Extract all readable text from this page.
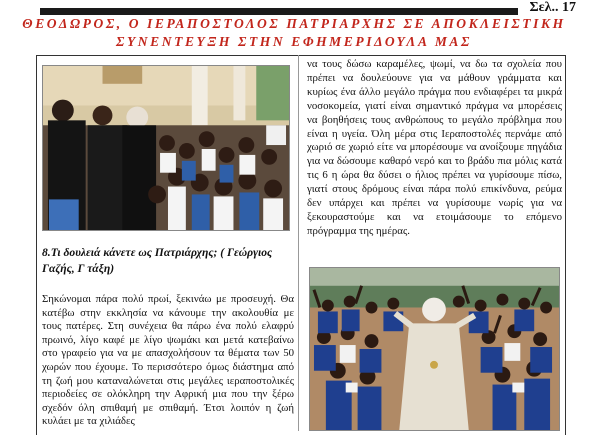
Σελ.. 17
ΘΕΟΔΩΡΟΣ, Ο ΙΕΡΑΠΟΣΤΟΛΟΣ ΠΑΤΡΙΑΡΧΗΣ ΣΕ ΑΠΟΚΛΕΙΣΤΙΚΗ
ΣΥΝΕΝΤΕΥΞΗ ΣΤΗΝ ΕΦΗΜΕΡΙΔΟΥΛΑ ΜΑΣ

8.Τι δουλειά κάνετε ως Πατριάρχης; ( Γεώργιος Γαζής, Γ τάξη)

Σηκώνομαι πάρα πολύ πρωί, ξεκινάω με προσευχή. Θα κατέβω στην εκκλησία να κάνουμε την ακολουθία με τους πατέρες. Στη συνέχεια θα πάρω ένα πολύ ελαφρύ πρωινό, λίγο καφέ με λίγο ψωμάκι και μετά κατεβαίνω στο γραφείο για να με απασχολήσουν τα θέματα των 50 χωρών που έχουμε. Το περισσότερο όμως διάστημα από τη ζωή μου καταναλώνεται στις μεγάλες ιεραποστολικές περιοδείες σε ολόκληρη την Αφρική μια που την ξέρω σχεδόν όλη σπιθαμή με σπιθαμή. Έτσι λοιπόν η ζωή κυλάει με τα χιλιάδες

να τους δώσω καραμέλες, ψωμί, να δω τα σχολεία που πρέπει να δουλεύουνε για να μάθουν γράμματα και κυρίως ένα άλλο μεγάλο πράγμα που ενδιαφέρει τα μικρά νοσοκομεία, γιατί είναι σημαντικό πράγμα να μπορέσεις να βοηθήσεις τους ανθρώπους το μεγάλο πρόβλημα που είναι η υγεία. Όλη μέρα στις Ιεραποστολές περνάμε από χωριό σε χωριό είτε να μπορέσουμε να ανοίξουμε πηγάδια για να δώσουμε καθαρό νερό και το βράδυ πια μόλις κατά τις 6 η ώρα θα δύσει ο ήλιος πρέπει να γυρίσουμε πίσω, γιατί στους δρόμους είναι πάρα πολύ επικίνδυνα, ρεύμα δεν υπάρχει και πρέπει να γυρίσουμε νωρίς για να ξεκουραστούμε και να ετοιμάσουμε το επόμενο πρόγραμμα της ημέρας.
